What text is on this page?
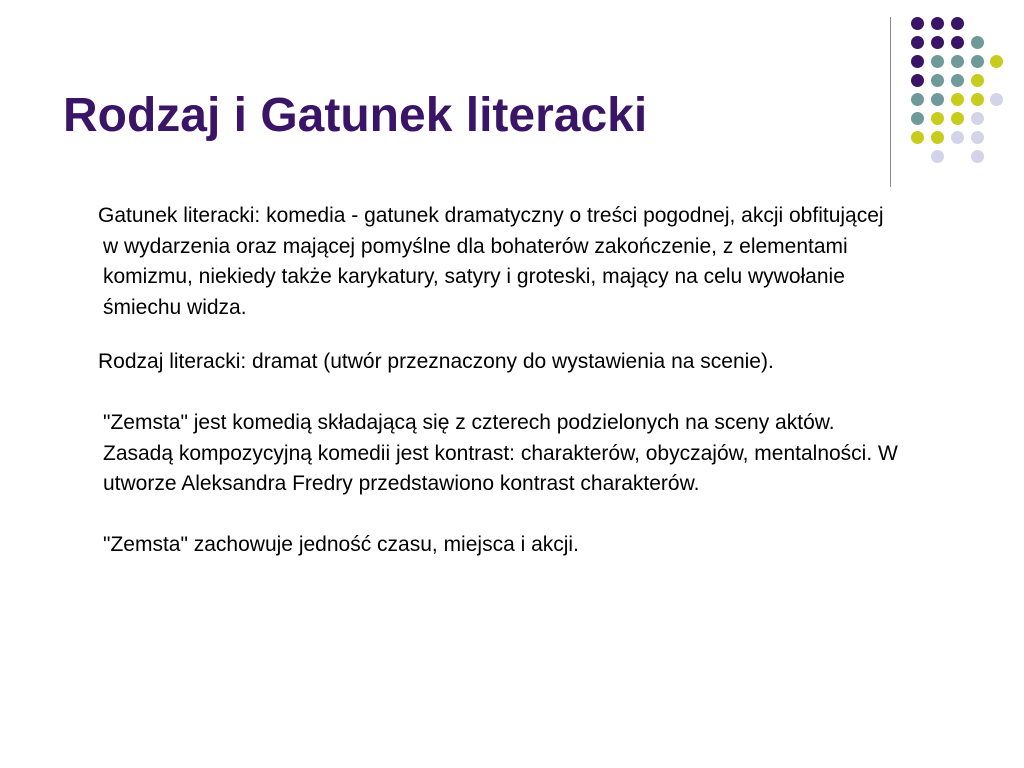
Rodzaj i Gatunek literacki

Gatunek literacki: komedia - gatunek dramatyczny o treści pogodnej, akcji obfitującej w wydarzenia oraz mającej pomyślne dla bohaterów zakończenie, z elementami komizmu, niekiedy także karykatury, satyry i groteski, mający na celu wywołanie śmiechu widza.

Rodzaj literacki: dramat (utwór przeznaczony do wystawienia na scenie).

"Zemsta" jest komedią składającą się z czterech podzielonych na sceny aktów. Zasadą kompozycyjną komedii jest kontrast: charakterów, obyczajów, mentalności. W utworze Aleksandra Fredry przedstawiono kontrast charakterów.

"Zemsta" zachowuje jedność czasu, miejsca i akcji.
